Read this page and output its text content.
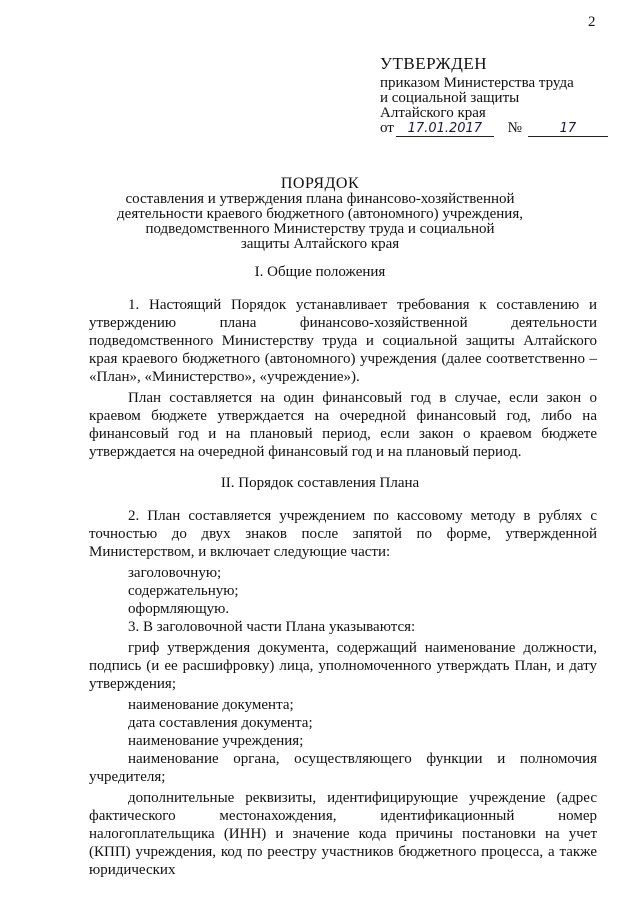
2
УТВЕРЖДЕН
приказом Министерства труда
и социальной защиты
Алтайского края
от 17.01.2017 №	17
ПОРЯДОК
составления и утверждения плана финансово-хозяйственной
деятельности краевого бюджетного (автономного) учреждения,
подведомственного Министерству труда и социальной
защиты Алтайского края
I. Общие положения

1. Настоящий Порядок устанавливает требования к составлению и утверждению плана финансово-хозяйственной деятельности подведомственного Министерству труда и социальной защиты Алтайского края краевого бюджетного (автономного) учреждения (далее соответственно – «План», «Министерство», «учреждение»).

План составляется на один финансовый год в случае, если закон о краевом бюджете утверждается на очередной финансовый год, либо на финансовый год и на плановый период, если закон о краевом бюджете утверждается на очередной финансовый год и на плановый период.

II. Порядок составления Плана

2. План составляется учреждением по кассовому методу в рублях с точностью до двух знаков после запятой по форме, утвержденной Министерством, и включает следующие части:

заголовочную;

содержательную;

оформляющую.

3. В заголовочной части Плана указываются:

гриф утверждения документа, содержащий наименование должности, подпись (и ее расшифровку) лица, уполномоченного утверждать План, и дату утверждения;

наименование документа;

дата составления документа;

наименование учреждения;

наименование органа, осуществляющего функции и полномочия учредителя;

дополнительные реквизиты, идентифицирующие учреждение (адрес фактического местонахождения, идентификационный номер налогоплательщика (ИНН) и значение кода причины постановки на учет (КПП) учреждения, код по реестру участников бюджетного процесса, а также юридических
